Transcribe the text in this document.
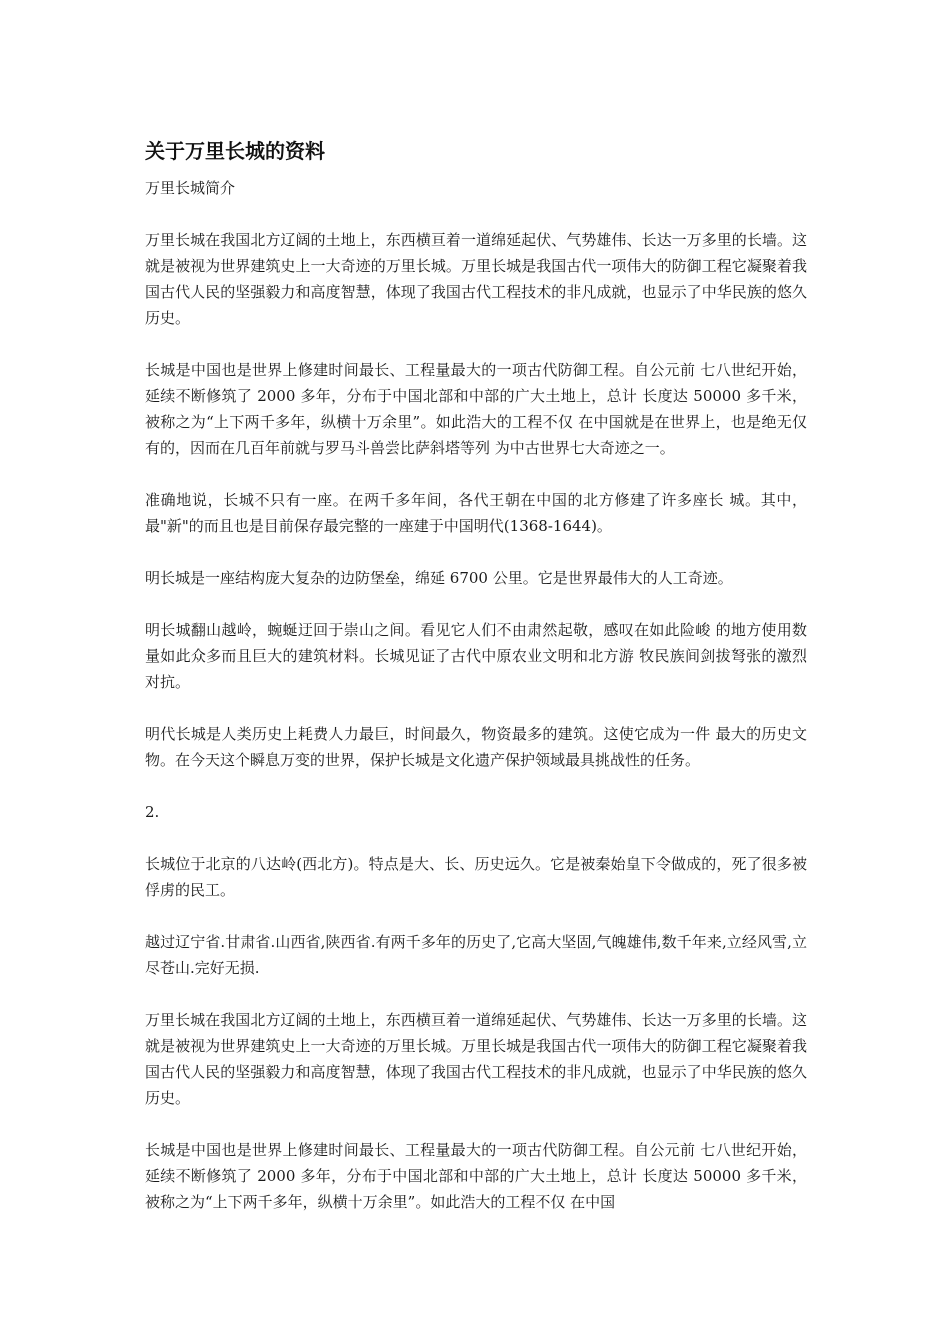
关于万里长城的资料

万里长城简介

万里长城在我国北方辽阔的土地上，东西横亘着一道绵延起伏、气势雄伟、长达一万多里的长墙。这就是被视为世界建筑史上一大奇迹的万里长城。万里长城是我国古代一项伟大的防御工程它凝聚着我国古代人民的坚强毅力和高度智慧，体现了我国古代工程技术的非凡成就，也显示了中华民族的悠久历史。

长城是中国也是世界上修建时间最长、工程量最大的一项古代防御工程。自公元前 七八世纪开始，延续不断修筑了 2000 多年，分布于中国北部和中部的广大土地上，总计 长度达 50000 多千米，被称之为“上下两千多年，纵横十万余里”。如此浩大的工程不仅 在中国就是在世界上，也是绝无仅有的，因而在几百年前就与罗马斗兽尝比萨斜塔等列 为中古世界七大奇迹之一。

准确地说，长城不只有一座。在两千多年间，各代王朝在中国的北方修建了许多座长 城。其中，最"新"的而且也是目前保存最完整的一座建于中国明代(1368-1644)。

明长城是一座结构庞大复杂的边防堡垒，绵延 6700 公里。它是世界最伟大的人工奇迹。

明长城翻山越岭，蜿蜒迂回于崇山之间。看见它人们不由肃然起敬，感叹在如此险峻 的地方使用数量如此众多而且巨大的建筑材料。长城见证了古代中原农业文明和北方游 牧民族间剑拔弩张的激烈对抗。

明代长城是人类历史上耗费人力最巨，时间最久，物资最多的建筑。这使它成为一件 最大的历史文物。在今天这个瞬息万变的世界，保护长城是文化遗产保护领域最具挑战性的任务。

2.

长城位于北京的八达岭(西北方)。特点是大、长、历史远久。它是被秦始皇下令做成的，死了很多被俘虏的民工。

越过辽宁省.甘肃省.山西省,陕西省.有两千多年的历史了,它高大坚固,气魄雄伟,数千年来,立经风雪,立尽苍山.完好无损.

万里长城在我国北方辽阔的土地上，东西横亘着一道绵延起伏、气势雄伟、长达一万多里的长墙。这就是被视为世界建筑史上一大奇迹的万里长城。万里长城是我国古代一项伟大的防御工程它凝聚着我国古代人民的坚强毅力和高度智慧，体现了我国古代工程技术的非凡成就，也显示了中华民族的悠久历史。

长城是中国也是世界上修建时间最长、工程量最大的一项古代防御工程。自公元前 七八世纪开始，延续不断修筑了 2000 多年，分布于中国北部和中部的广大土地上，总计 长度达 50000 多千米，被称之为“上下两千多年，纵横十万余里”。如此浩大的工程不仅 在中国
